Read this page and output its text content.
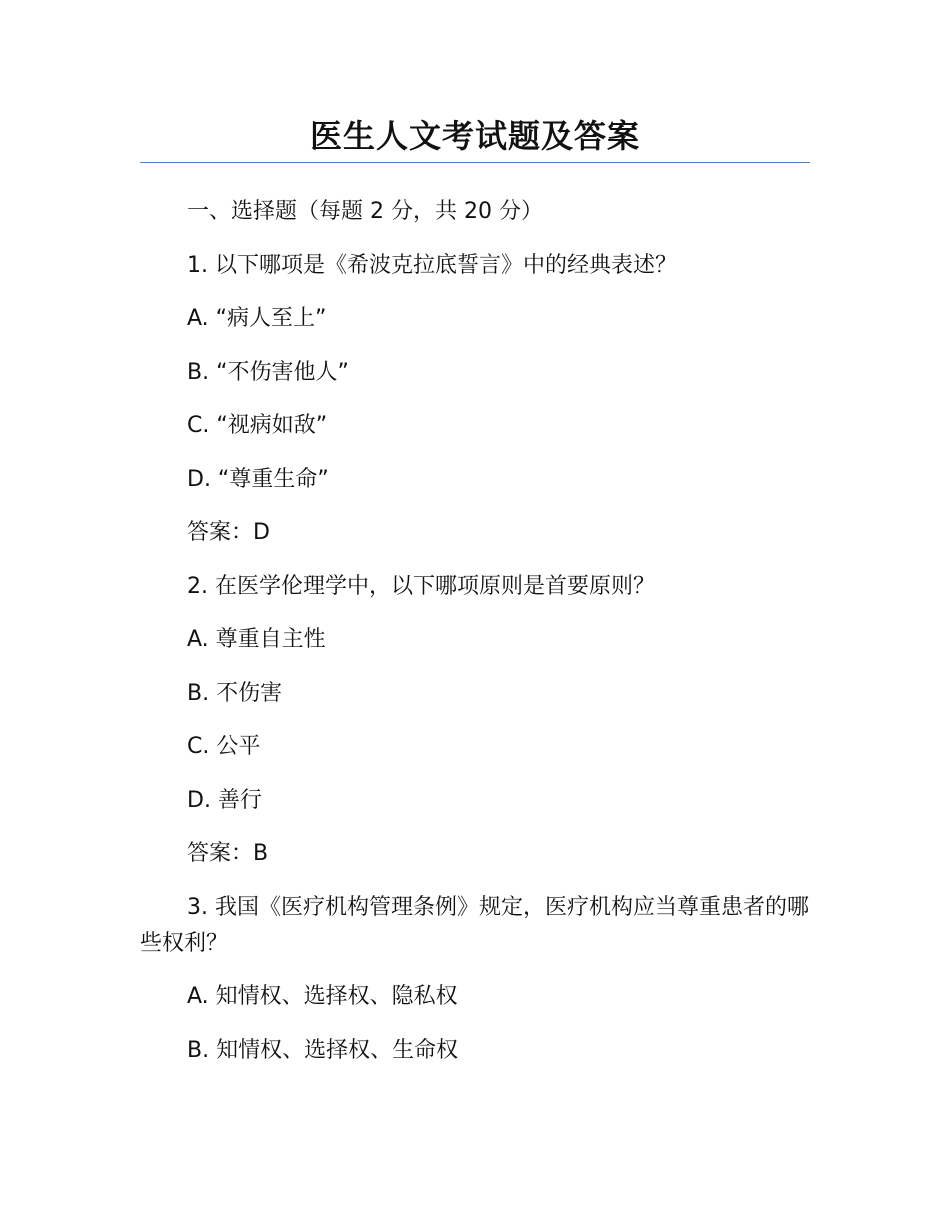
医生人文考试题及答案

一、选择题（每题 2 分，共 20 分）

1. 以下哪项是《希波克拉底誓言》中的经典表述？

A. “病人至上”

B. “不伤害他人”

C. “视病如敌”

D. “尊重生命”

答案：D

2. 在医学伦理学中，以下哪项原则是首要原则？

A. 尊重自主性

B. 不伤害

C. 公平

D. 善行

答案：B

3. 我国《医疗机构管理条例》规定，医疗机构应当尊重患者的哪些权利？

A. 知情权、选择权、隐私权

B. 知情权、选择权、生命权
